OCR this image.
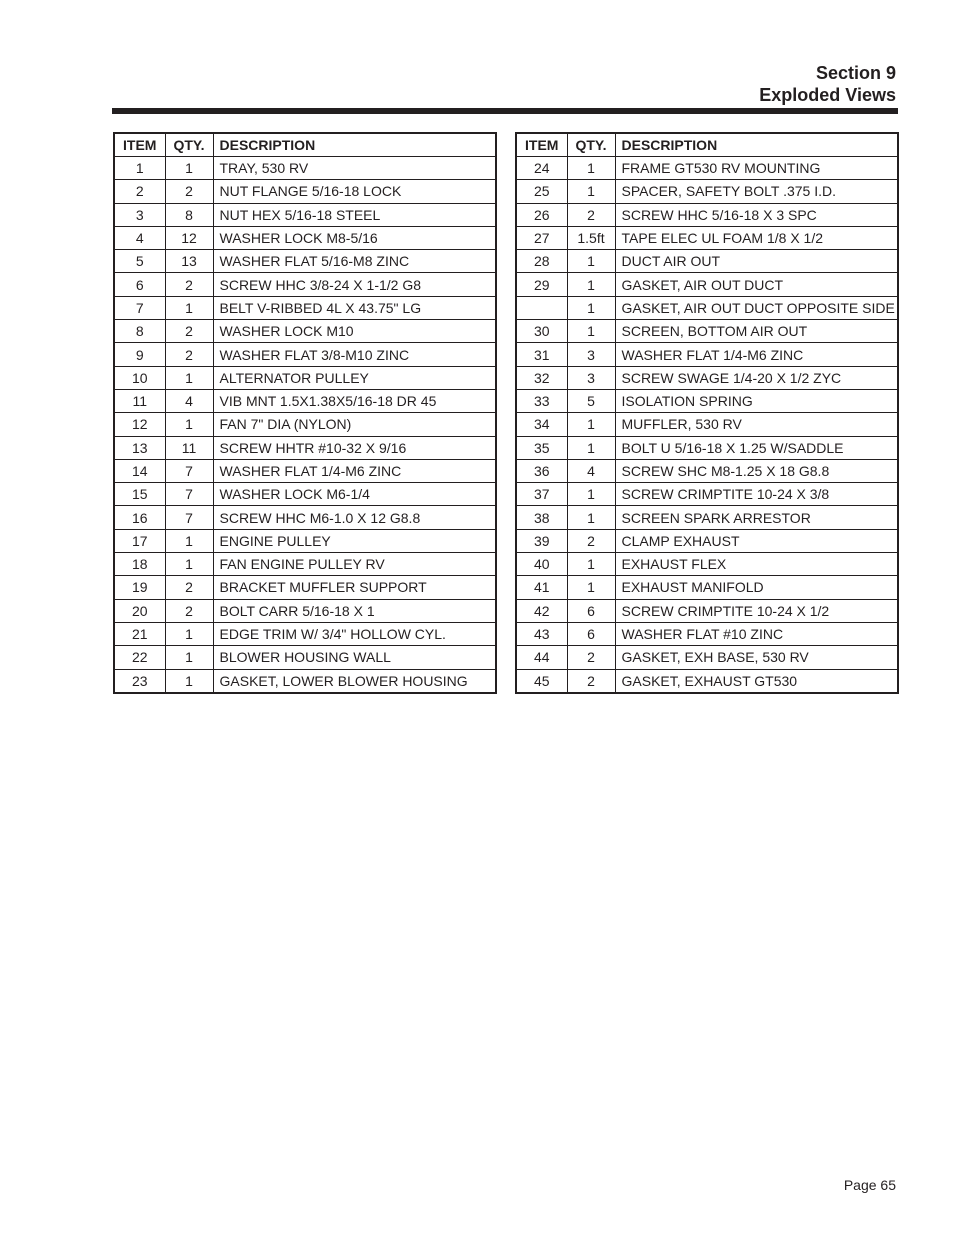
Section 9
Exploded Views
ITEM	QTY.	DESCRIPTION
1	1	TRAY, 530 RV
2	2	NUT FLANGE 5/16-18 LOCK
3	8	NUT HEX 5/16-18 STEEL
4	12	WASHER LOCK M8-5/16
5	13	WASHER FLAT 5/16-M8 ZINC
6	2	SCREW HHC 3/8-24 X 1-1/2 G8
7	1	BELT V-RIBBED 4L X 43.75" LG
8	2	WASHER LOCK M10
9	2	WASHER FLAT 3/8-M10 ZINC
10	1	ALTERNATOR PULLEY
11	4	VIB MNT 1.5X1.38X5/16-18 DR 45
12	1	FAN 7" DIA (NYLON)
13	11	SCREW HHTR #10-32 X 9/16
14	7	WASHER FLAT 1/4-M6 ZINC
15	7	WASHER LOCK M6-1/4
16	7	SCREW HHC M6-1.0 X 12 G8.8
17	1	ENGINE PULLEY
18	1	FAN ENGINE PULLEY RV
19	2	BRACKET MUFFLER SUPPORT
20	2	BOLT CARR 5/16-18 X 1
21	1	EDGE TRIM W/ 3/4" HOLLOW CYL.
22	1	BLOWER HOUSING WALL
23	1	GASKET, LOWER BLOWER HOUSING
ITEM	QTY.	DESCRIPTION
24	1	FRAME GT530 RV MOUNTING
25	1	SPACER, SAFETY BOLT .375 I.D.
26	2	SCREW HHC 5/16-18 X 3 SPC
27	1.5ft	TAPE ELEC UL FOAM 1/8 X 1/2
28	1	DUCT AIR OUT
29	1	GASKET, AIR OUT DUCT
	1	GASKET, AIR OUT DUCT OPPOSITE SIDE
30	1	SCREEN, BOTTOM AIR OUT
31	3	WASHER FLAT 1/4-M6 ZINC
32	3	SCREW SWAGE 1/4-20 X 1/2 ZYC
33	5	ISOLATION SPRING
34	1	MUFFLER, 530 RV
35	1	BOLT U 5/16-18 X 1.25 W/SADDLE
36	4	SCREW SHC M8-1.25 X 18 G8.8
37	1	SCREW CRIMPTITE 10-24 X 3/8
38	1	SCREEN SPARK ARRESTOR
39	2	CLAMP EXHAUST
40	1	EXHAUST FLEX
41	1	EXHAUST MANIFOLD
42	6	SCREW CRIMPTITE 10-24 X 1/2
43	6	WASHER FLAT #10 ZINC
44	2	GASKET, EXH BASE, 530 RV
45	2	GASKET, EXHAUST GT530
Page 65
